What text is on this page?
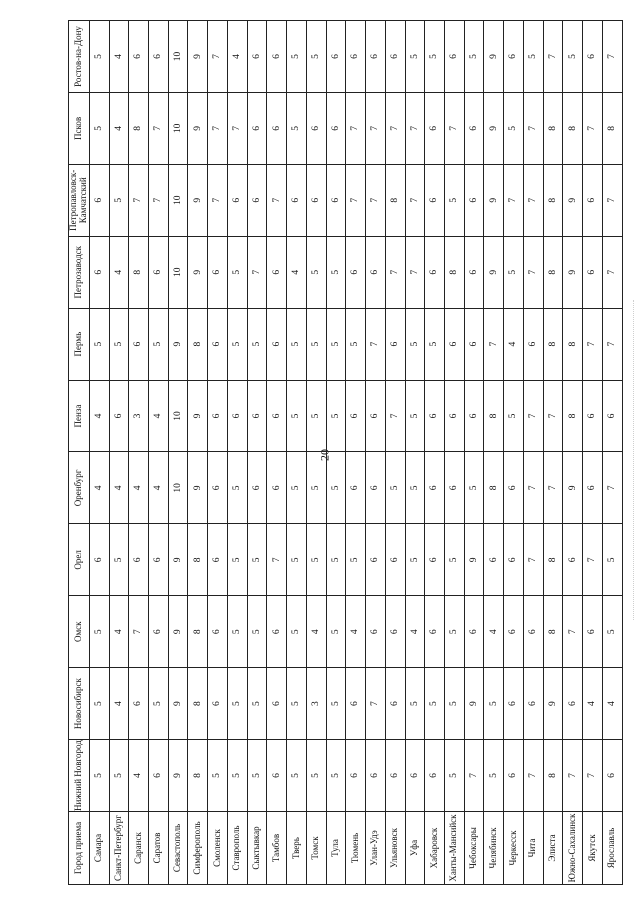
20
Город приема	Нижний Новгород	Новосибирск	Омск	Орел	Оренбург	Пенза	Пермь	Петрозаводск	Петропавловск-Камчатский	Псков	Ростов-на-Дону
Самара	5	5	5	6	4	4	5	6	6	5	5
Санкт-Петербург	5	4	4	5	4	6	5	4	5	4	4
Саранск	4	6	7	6	4	3	6	8	7	8	6
Саратов	6	5	6	6	4	4	5	6	7	7	6
Севастополь	9	9	9	9	10	10	9	10	10	10	10
Симферополь	8	8	8	8	9	9	8	9	9	9	9
Смоленск	5	6	6	6	6	6	6	6	7	7	7
Ставрополь	5	5	5	5	5	6	5	5	6	7	4
Сыктывкар	5	5	5	5	6	6	5	7	6	6	6
Тамбов	6	6	6	7	6	6	6	6	7	6	6
Тверь	5	5	5	5	5	5	5	4	6	5	5
Томск	5	3	4	5	5	5	5	5	6	6	5
Тула	5	5	5	5	5	5	5	5	6	6	6
Тюмень	6	6	4	5	6	6	5	6	7	7	6
Улан-Удэ	6	7	6	6	6	6	7	6	7	7	6
Ульяновск	6	6	6	6	5	7	6	7	8	7	6
Уфа	6	5	4	5	5	5	5	7	7	7	5
Хабаровск	6	5	6	6	6	6	5	6	6	6	5
Ханты-Мансийск	5	5	5	5	6	6	6	8	5	7	6
Чебоксары	7	9	6	9	5	6	6	6	6	6	5
Челябинск	5	5	4	6	8	8	7	9	9	9	9
Черкесск	6	6	6	6	6	5	4	5	7	5	6
Чита	7	6	6	7	7	7	6	7	7	7	5
Элиста	8	9	8	8	7	7	8	8	8	8	7
Южно-Сахалинск	7	6	7	6	9	8	8	9	9	8	5
Якутск	7	4	6	7	6	6	7	6	6	7	6
Ярославль	6	4	5	5	7	6	7	7	7	8	7
